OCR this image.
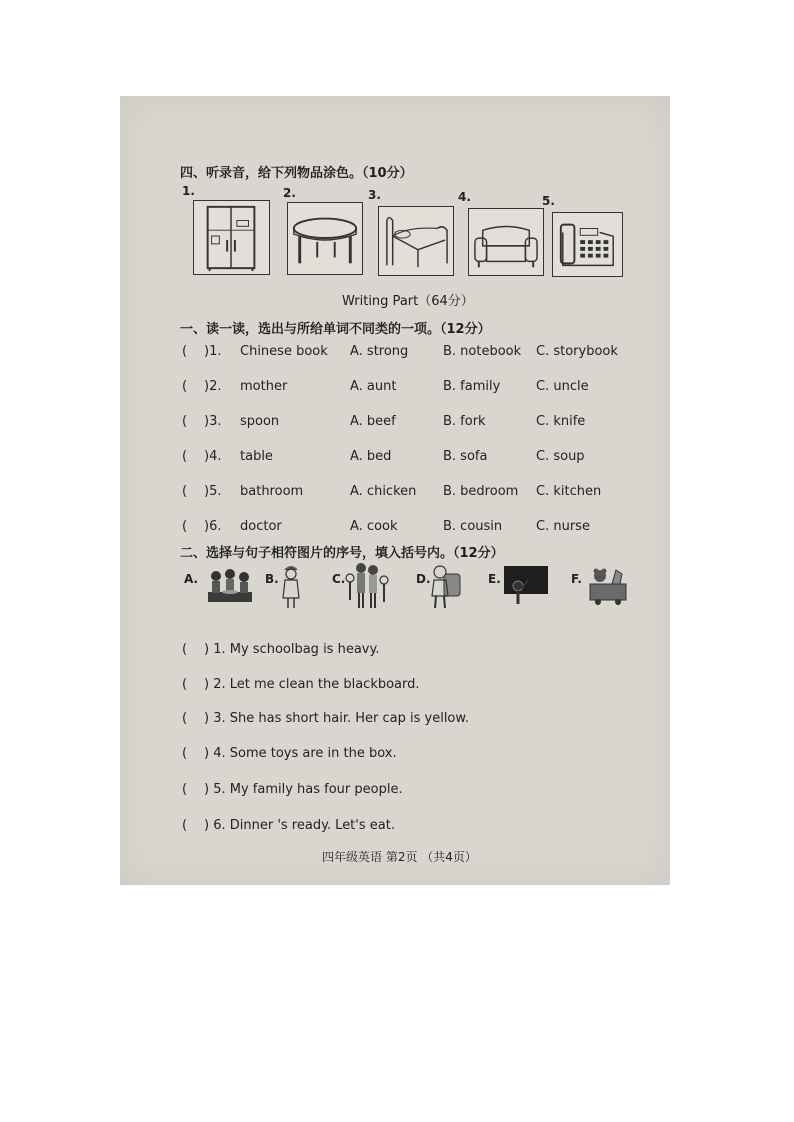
四、听录音，给下列物品涂色。（10分）
1.	2.	3.	4.	5.
Writing Part（64分）
一、读一读，选出与所给单词不同类的一项。（12分）
( )1. Chinese book A. strong	B. notebook C. storybook
( )2. mother	A. aunt	B. family	C. uncle
( )3. spoon	A. beef	B. fork	C. knife
( )4. table	A. bed	B. sofa	C. soup
( )5. bathroom	A. chicken B. bedroom C. kitchen
( )6. doctor	A. cook	B. cousin	C. nurse
二、选择与句子相符图片的序号，填入括号内。（12分）
A.	B.	C.	D.	E.	F.
( ) 1. My schoolbag is heavy.
( ) 2. Let me clean the blackboard.
( ) 3. She has short hair. Her cap is yellow.
( ) 4. Some toys are in the box.
( ) 5. My family has four people.
( ) 6. Dinner 's ready. Let's eat.
四年级英语 第2页 （共4页）
